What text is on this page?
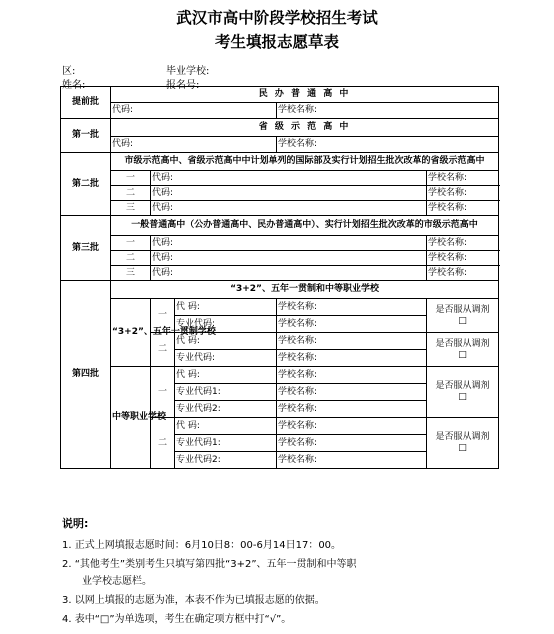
武汉市高中阶段学校招生考试
考生填报志愿草表
区:	毕业学校:
姓名:	报名号:
提前批	民 办 普 通 高 中				
	代码:			学校名称:	
第一批	省 级 示 范 高 中				
	代码:			学校名称:	
第二批	市级示范高中、省级示范高中中计划单列的国际部及实行计划招生批次改革的省级示范高中				
	一	代码:			学校名称:
	二	代码:			学校名称:
	三	代码:			学校名称:
第三批	一般普通高中（公办普通高中、民办普通高中）、实行计划招生批次改革的市级示范高中				
	一	代码:			学校名称:
	二	代码:			学校名称:
	三	代码:			学校名称:
第四批	“3+2”、五年一贯制和中等职业学校				
	“3+2”、五年一贯制学校	一	代 码:	学校名称:	是否服从调剂
□
			专业代码:	学校名称:	
		二	代 码:	学校名称:	是否服从调剂
□
			专业代码:	学校名称:	
	中等职业学校	一	代 码:	学校名称:	是否服从调剂
□
			专业代码1:	学校名称:	
			专业代码2:	学校名称:	
		二	代 码:	学校名称:	是否服从调剂
□
			专业代码1:	学校名称:	
			专业代码2:	学校名称:	
说明:
1. 正式上网填报志愿时间：6月10日8：00-6月14日17：00。
2. “其他考生”类别考生只填写第四批“3+2”、五年一贯制和中等职
业学校志愿栏。
3. 以网上填报的志愿为准，本表不作为已填报志愿的依据。
4. 表中“□”为单选项，考生在确定项方框中打“√”。
